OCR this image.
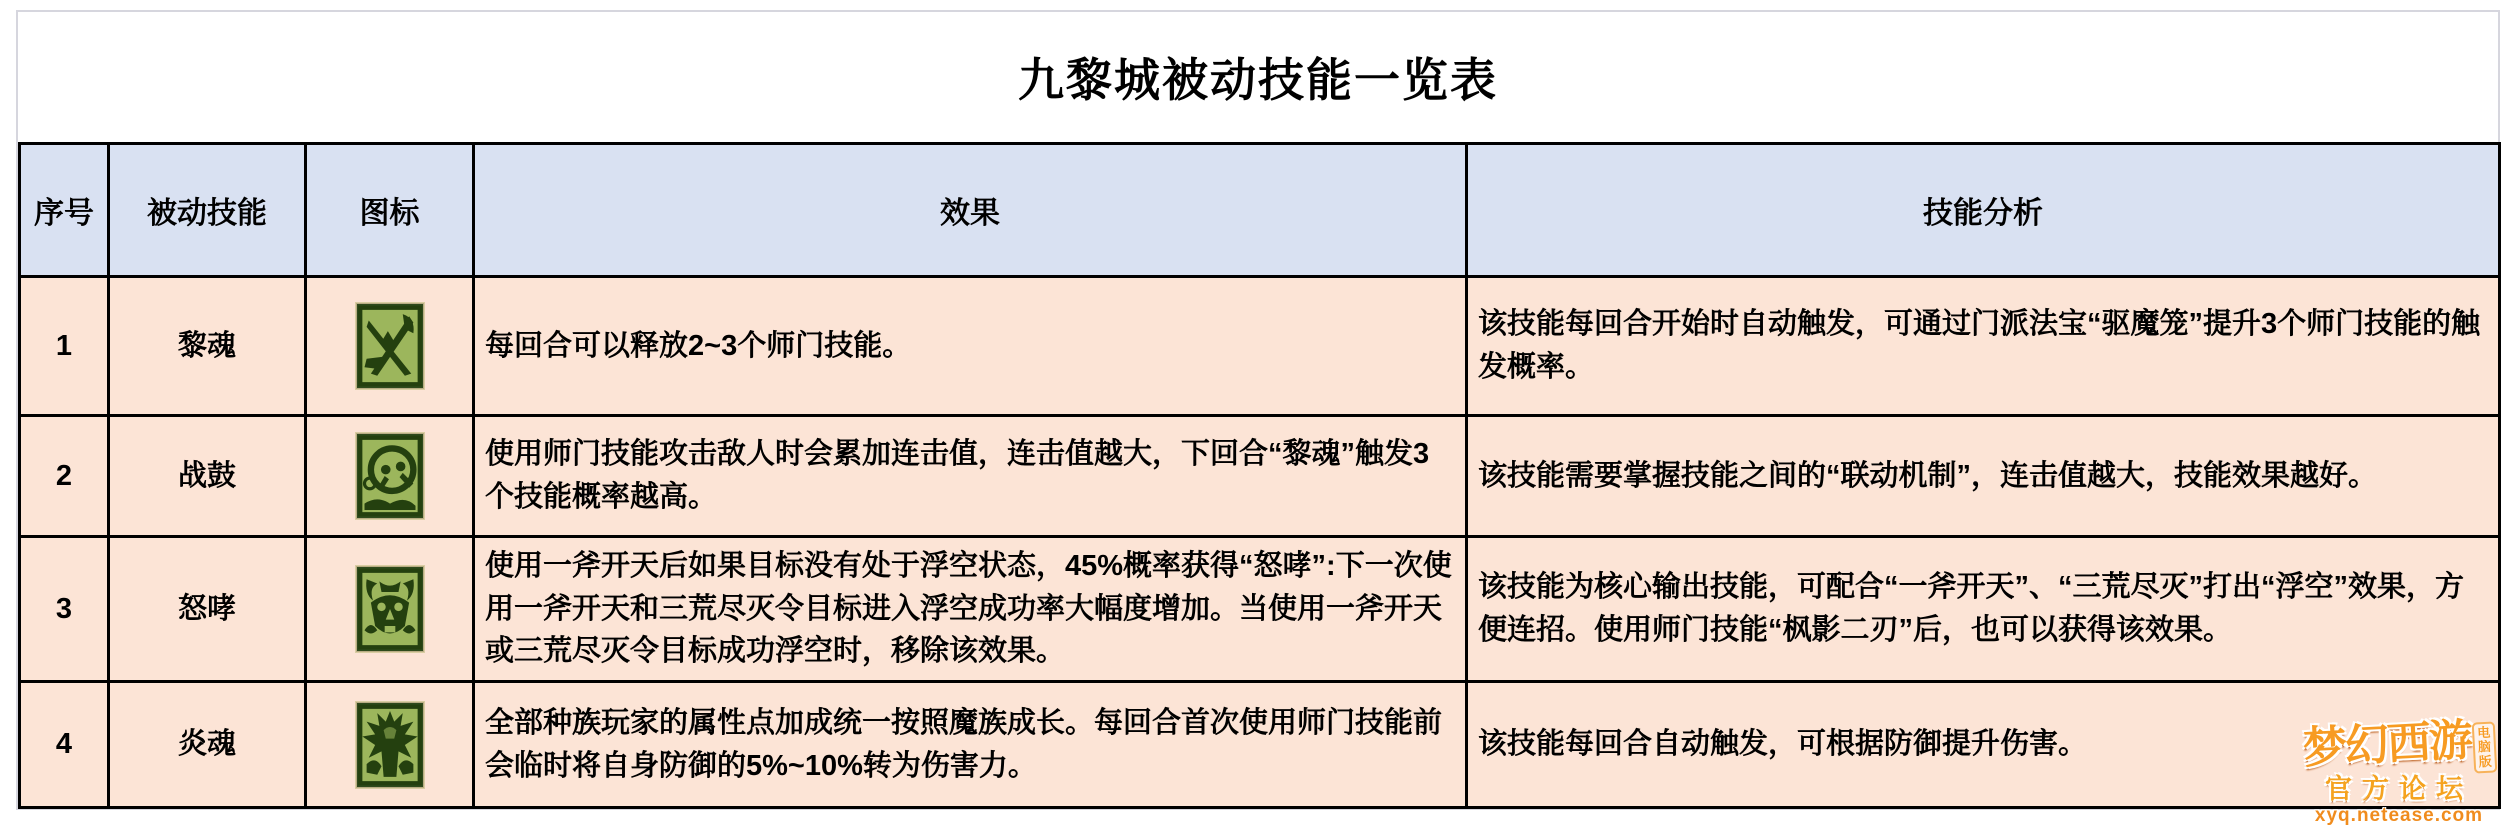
九黎城被动技能一览表
序号	被动技能	图标	效果	技能分析
1	黎魂		每回合可以释放2~3个师门技能。	该技能每回合开始时自动触发，可通过门派法宝“驱魔笼”提升3个师门技能的触发概率。
2	战鼓		使用师门技能攻击敌人时会累加连击值，连击值越大，下回合“黎魂”触发3个技能概率越高。	该技能需要掌握技能之间的“联动机制”，连击值越大，技能效果越好。
3	怒哮		使用一斧开天后如果目标没有处于浮空状态，45%概率获得“怒哮”:下一次使用一斧开天和三荒尽灭令目标进入浮空成功率大幅度增加。当使用一斧开天或三荒尽灭令目标成功浮空时，移除该效果。	该技能为核心输出技能，可配合“一斧开天”、“三荒尽灭”打出“浮空”效果，方便连招。使用师门技能“枫影二刃”后，也可以获得该效果。
4	炎魂		全部种族玩家的属性点加成统一按照魔族成长。每回合首次使用师门技能前会临时将自身防御的5%~10%转为伤害力。	该技能每回合自动触发，可根据防御提升伤害。	梦幻西游 电脑版
官方论坛
xyq.netease.com
